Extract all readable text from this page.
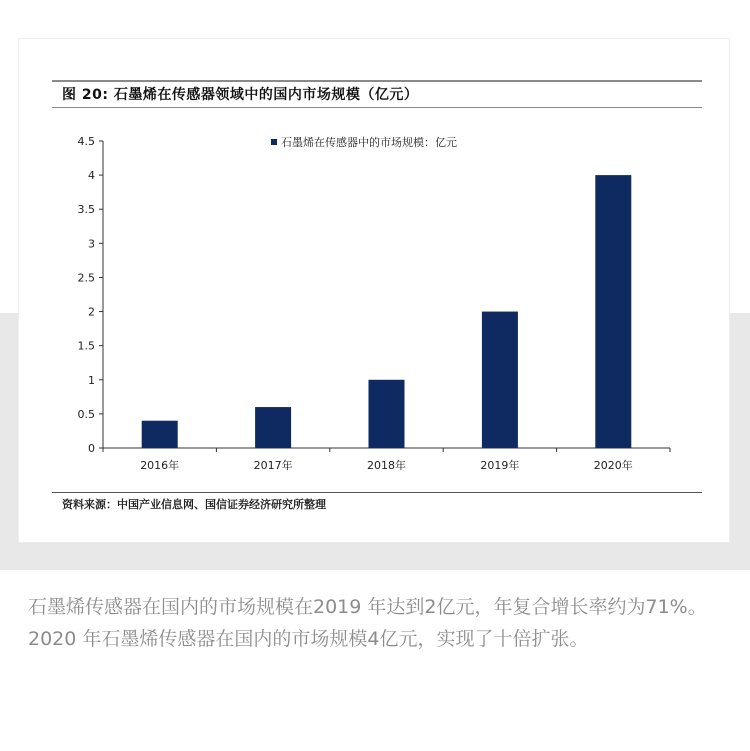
图 20: 石墨烯在传感器领域中的国内市场规模（亿元）
0
0.5
1
1.5
2
2.5
3
3.5
4
4.5
2016年	2017年	2018年	2019年	2020年
石墨烯在传感器中的市场规模：亿元
资料来源：中国产业信息网、国信证券经济研究所整理
石墨烯传感器在国内的市场规模在2019 年达到2亿元，年复合增长率约为71%。2020 年石墨烯传感器在国内的市场规模4亿元，实现了十倍扩张。
